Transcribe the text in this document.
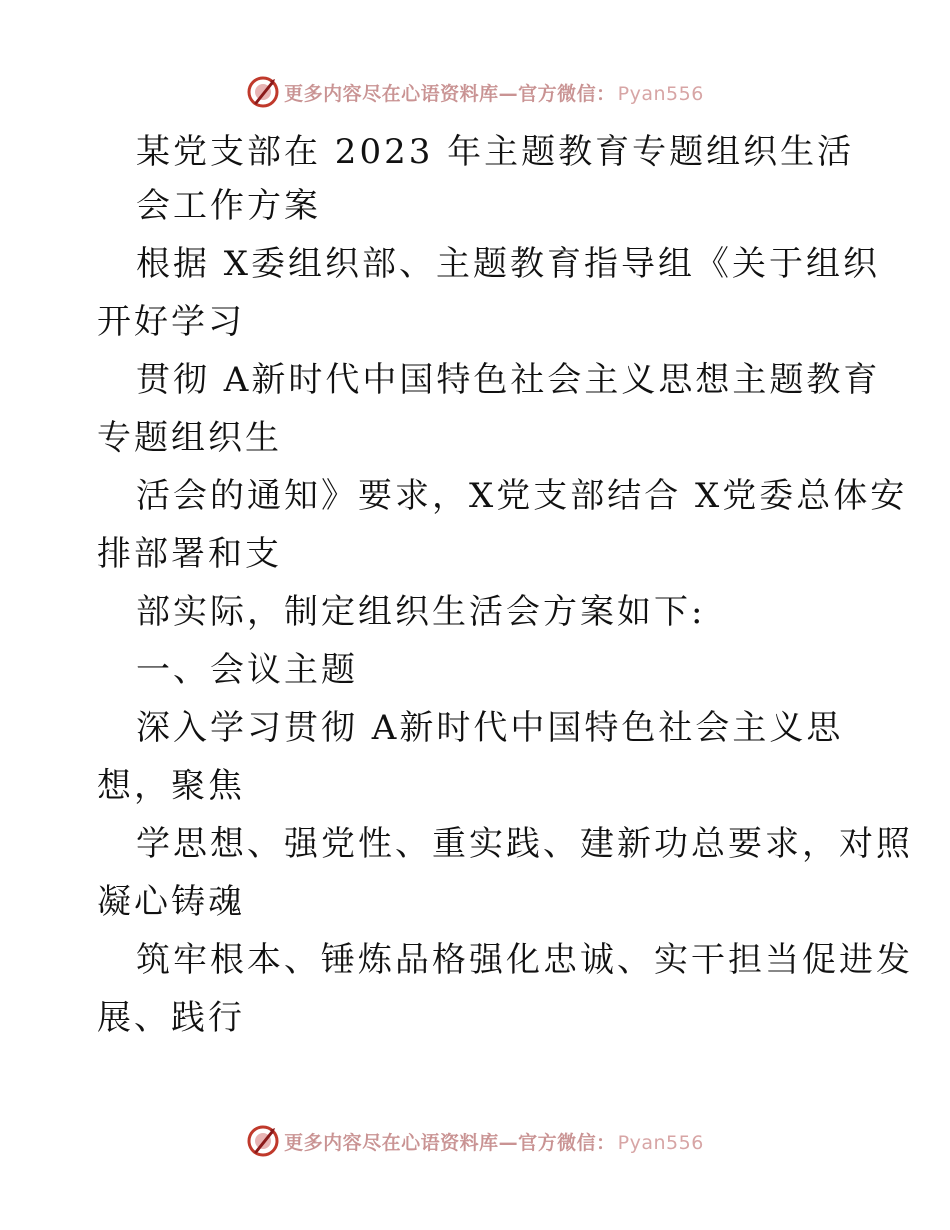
更多内容尽在心语资料库—官方微信： Pyan556
某党支部在 2023 年主题教育专题组织生活
会工作方案
根据 X委组织部、主题教育指导组《关于组织
开好学习
贯彻 A新时代中国特色社会主义思想主题教育
专题组织生
活会的通知》要求，X党支部结合 X党委总体安
排部署和支
部实际，制定组织生活会方案如下:
一、会议主题
深入学习贯彻 A新时代中国特色社会主义思
想，聚焦
学思想、强党性、重实践、建新功总要求，对照
凝心铸魂
筑牢根本、锤炼品格强化忠诚、实干担当促进发
展、践行
更多内容尽在心语资料库—官方微信： Pyan556
